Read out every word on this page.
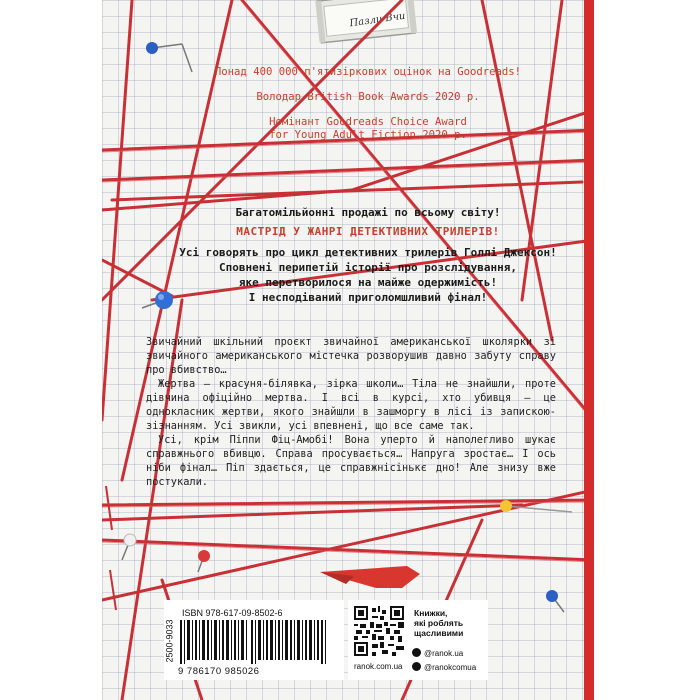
Пазли Вчи

Понад 400 000 п'ятизіркових оцінок на Goodreads!

Володар British Book Awards 2020 р.

Номінант Goodreads Choice Award

for Young Adult Fiction 2020 р.

Багатомільйонні продажі по всьому світу!

МАСТРІД У ЖАНРІ ДЕТЕКТИВНИХ ТРИЛЕРІВ!

Усі говорять про цикл детективних трилерів Голлі Джексон!

Сповнені перипетій історії про розслідування,

яке перетворилося на майже одержимість!

І несподіваний приголомшливий фінал!

Звичайний шкільний проєкт звичайної американської школярки зі звичайного американського містечка розворушив давно забуту справу про вбивство…

Жертва — красуня-білявка, зірка школи… Тіла не знайшли, проте дівчина офіційно мертва. І всі в курсі, хто убивця — це однокласник жертви, якого знайшли в зашморгу в лісі із запискою-зізнанням. Усі звикли, усі впевнені, що все саме так.

Усі, крім Піппи Фіц-Амобі! Вона уперто й наполегливо шукає справжнього вбивцю. Справа просувається… Напруга зростає… І ось ніби фінал… Піп здається, це справжнісінькє дно! Але знизу вже постукали.

ISBN 978-617-09-8502-6
2500-9033
9 786170 985026
Книжки,
які роблять
щасливими
ranok.com.ua
@ranok.ua
@ranokcomua
